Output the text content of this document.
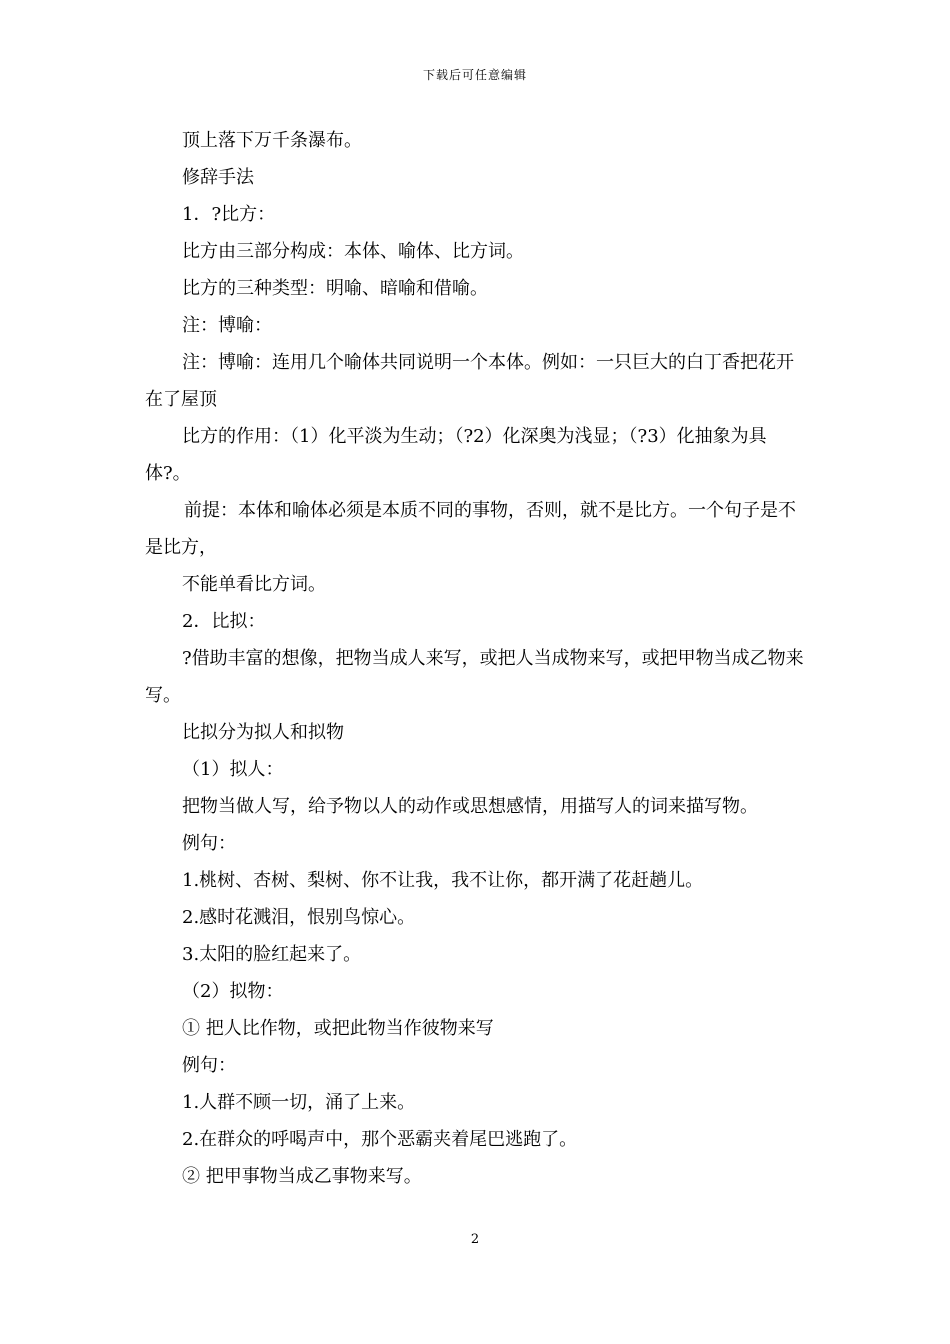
下载后可任意编辑

顶上落下万千条瀑布。

修辞手法

1．?比方：

比方由三部分构成：本体、喻体、比方词。

比方的三种类型：明喻、暗喻和借喻。

注：博喻：

注：博喻：连用几个喻体共同说明一个本体。例如：一只巨大的白丁香把花开在了屋顶

比方的作用：（1）化平淡为生动；（?2）化深奥为浅显；（?3）化抽象为具体?。

前提：本体和喻体必须是本质不同的事物，否则，就不是比方。一个句子是不是比方，

不能单看比方词。

2．比拟：

?借助丰富的想像，把物当成人来写，或把人当成物来写，或把甲物当成乙物来写。

比拟分为拟人和拟物

（1）拟人：

把物当做人写，给予物以人的动作或思想感情，用描写人的词来描写物。

例句：

1.桃树、杏树、梨树、你不让我，我不让你，都开满了花赶趟儿。

2.感时花溅泪，恨别鸟惊心。

3.太阳的脸红起来了。

（2）拟物：

① 把人比作物，或把此物当作彼物来写

例句：

1.人群不顾一切，涌了上来。

2.在群众的呼喝声中，那个恶霸夹着尾巴逃跑了。

② 把甲事物当成乙事物来写。

2
